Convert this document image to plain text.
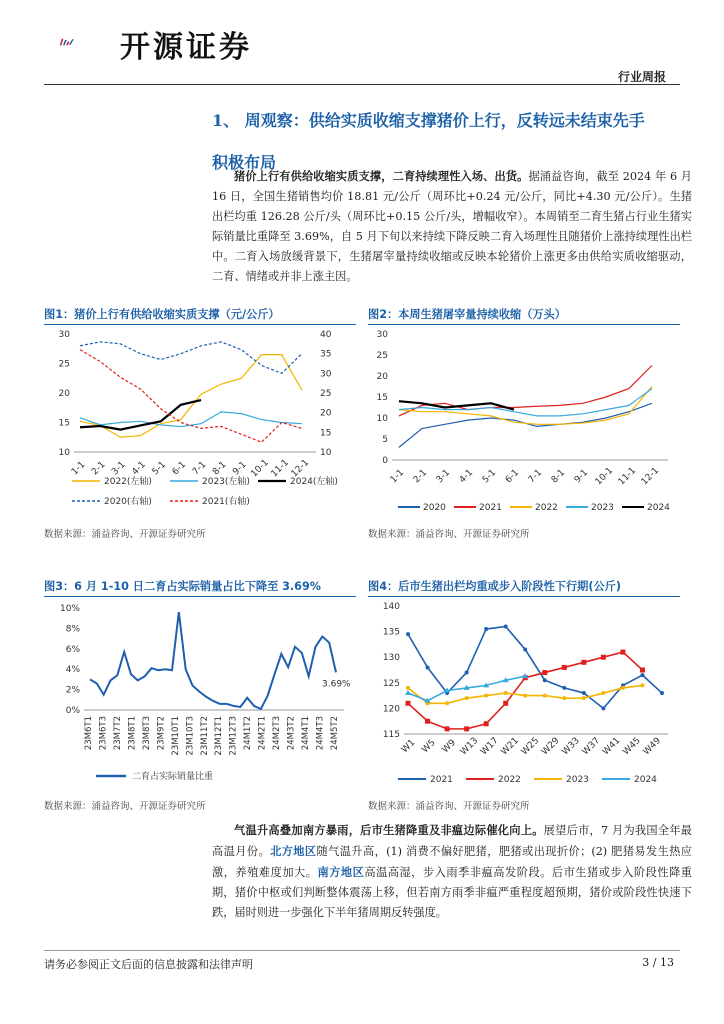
开源证券
行业周报
1、 周观察：供给实质收缩支撑猪价上行，反转远未结束先手
积极布局
猪价上行有供给收缩实质支撑，二育持续理性入场、出货。据涌益咨询，截至 2024 年 6 月 16 日，全国生猪销售均价 18.81 元/公斤（周环比+0.24 元/公斤，同比+4.30 元/公斤）。生猪出栏均重 126.28 公斤/头（周环比+0.15 公斤/头，增幅收窄）。本周销至二育生猪占行业生猪实际销量比重降至 3.69%，自 5 月下旬以来持续下降反映二育入场理性且随猪价上涨持续理性出栏中。二育入场放缓背景下，生猪屠宰量持续收缩或反映本轮猪价上涨更多由供给实质收缩驱动，二育、情绪或并非上涨主因。
图1：猪价上行有供给收缩实质支撑（元/公斤）	图2：本周生猪屠宰量持续收缩（万头）
10
15
20
25
30
10
15
20
25
30
35
40
1-1 2-1 3-1 4-1 5-1 6-1 7-1 8-1 9-1 10-1
11-1
12-1
2022(左轴)	2023(左轴)	2024(左轴)
2020(右轴)	2021(右轴)
0
5
10
15
20
25
30
1-1 2-1 3-1 4-1 5-1 6-1 7-1 8-1 9-1 10-1 11-1 12-1
2020	2021	2022	2023	2024
数据来源：涌益咨询、开源证券研究所	数据来源：涌益咨询、开源证券研究所
图3：6 月 1-10 日二育占实际销量占比下降至 3.69%	图4：后市生猪出栏均重或步入阶段性下行期(公斤)
0%
2%
4%
6%
8%
10%
23M6T1 23M6T3 23M7T2 23M8T1 23M8T3 23M9T2 23M10T1 23M10T3 23M11T2 23M12T1 23M12T3 24M1T2 24M2T1 24M2T3 24M3T2 24M4T1 24M4T3 24M5T2
3.69%
二育占实际销量比重
115
120
125
130
135
140
W1 W5 W9 W13
W17
W21
W25
W29
W33
W37
W41
W45
W49
2021	2022	2023	2024
数据来源：涌益咨询、开源证券研究所	数据来源：涌益咨询、开源证券研究所
气温升高叠加南方暴雨，后市生猪降重及非瘟边际催化向上。展望后市，7 月为我国全年最高温月份。北方地区随气温升高，(1) 消费不偏好肥猪，肥猪或出现折价；(2) 肥猪易发生热应激，养殖难度加大。南方地区高温高湿，步入雨季非瘟高发阶段。后市生猪或步入阶段性降重期，猪价中枢或们判断整体震荡上移，但若南方雨季非瘟严重程度超预期，猪价或阶段性快速下跌，届时则进一步强化下半年猪周期反转强度。
请务必参阅正文后面的信息披露和法律声明	3 / 13
